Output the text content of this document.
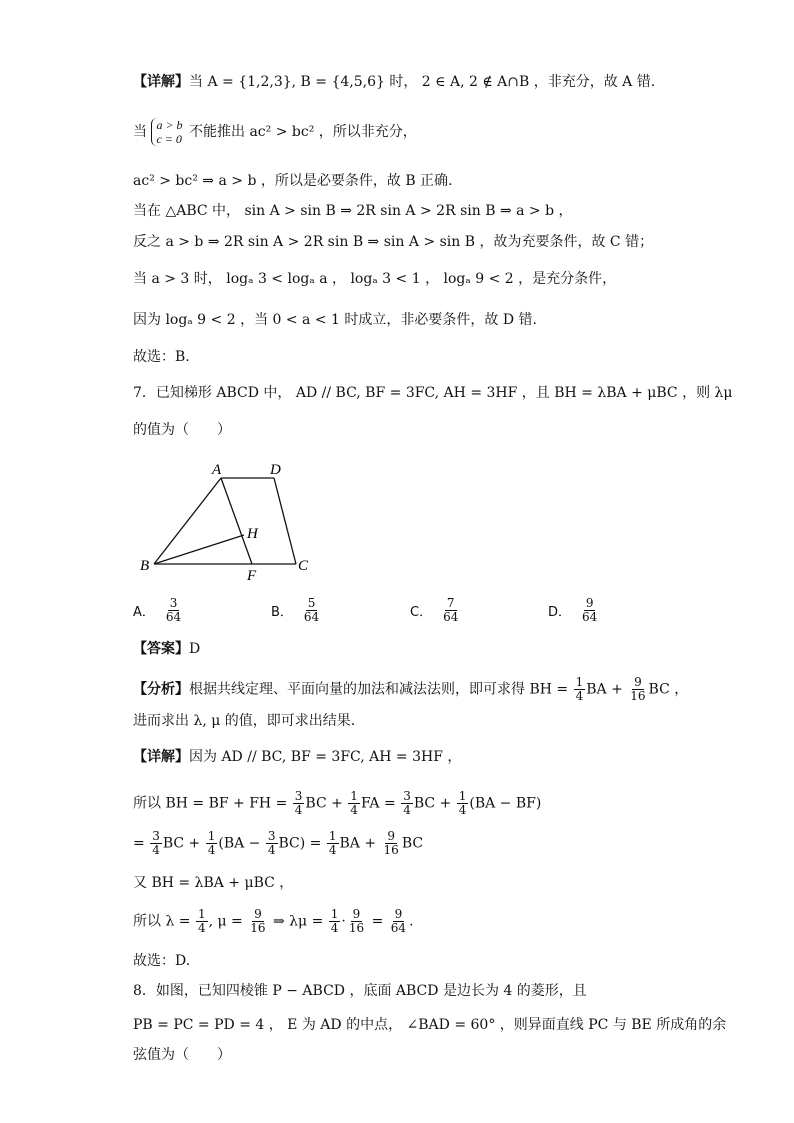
【详解】当 A = {1,2,3}, B = {4,5,6} 时， 2 ∈ A, 2 ∉ A∩B ，非充分，故 A 错.
当 a > b
c = 0 不能推出 ac² > bc² ，所以非充分，
ac² > bc² ⇒ a > b ，所以是必要条件，故 B 正确.
当在 △ABC 中， sin A > sin B ⇒ 2R sin A > 2R sin B ⇒ a > b ，
反之 a > b ⇒ 2R sin A > 2R sin B ⇒ sin A > sin B ，故为充要条件，故 C 错；
当 a > 3 时， logₐ 3 < logₐ a ， logₐ 3 < 1 ， logₐ 9 < 2 ，是充分条件，
因为 logₐ 9 < 2 ，当 0 < a < 1 时成立，非必要条件，故 D 错.
故选：B.
7．已知梯形 ABCD 中， AD // BC, BF = 3FC, AH = 3HF ，且 BH = λBA + μBC ，则 λμ
的值为（　　）
A	D
H
B
F
C
A． $\frac{3}{64}$	B． $\frac{5}{64}$	C． $\frac{7}{64}$	D． $\frac{9}{64}$
【答案】D
【分析】根据共线定理、平面向量的加法和减法法则，即可求得 BH = $\frac{1}{4}$ BA + $\frac{9}{16}$ BC ，
进而求出 λ, μ 的值，即可求出结果.
【详解】因为 AD // BC, BF = 3FC, AH = 3HF ，
所以 BH = BF + FH = $\frac{3}{4}$ BC + $\frac{1}{4}$ FA = $\frac{3}{4}$ BC + $\frac{1}{4} (BA - BF)$
= $\frac{3}{4}$ BC + $\frac{1}{4} (BA - \frac{3}{4} BC) = \frac{1}{4}$ BA + $\frac{9}{16}$ BC
又 BH = λBA + μBC ，
所以 $\lambda = \frac{1}{4}$ , $\mu = \frac{9}{16}$ ⇒ $\lambda\mu = \frac{1}{4} \cdot \frac{9}{16} = \frac{9}{64}$ .
故选：D.
8．如图，已知四棱锥 P − ABCD ，底面 ABCD 是边长为 4 的菱形，且
PB = PC = PD = 4 ， E 为 AD 的中点， ∠BAD = 60° ，则异面直线 PC 与 BE 所成角的余
弦值为（　　）
